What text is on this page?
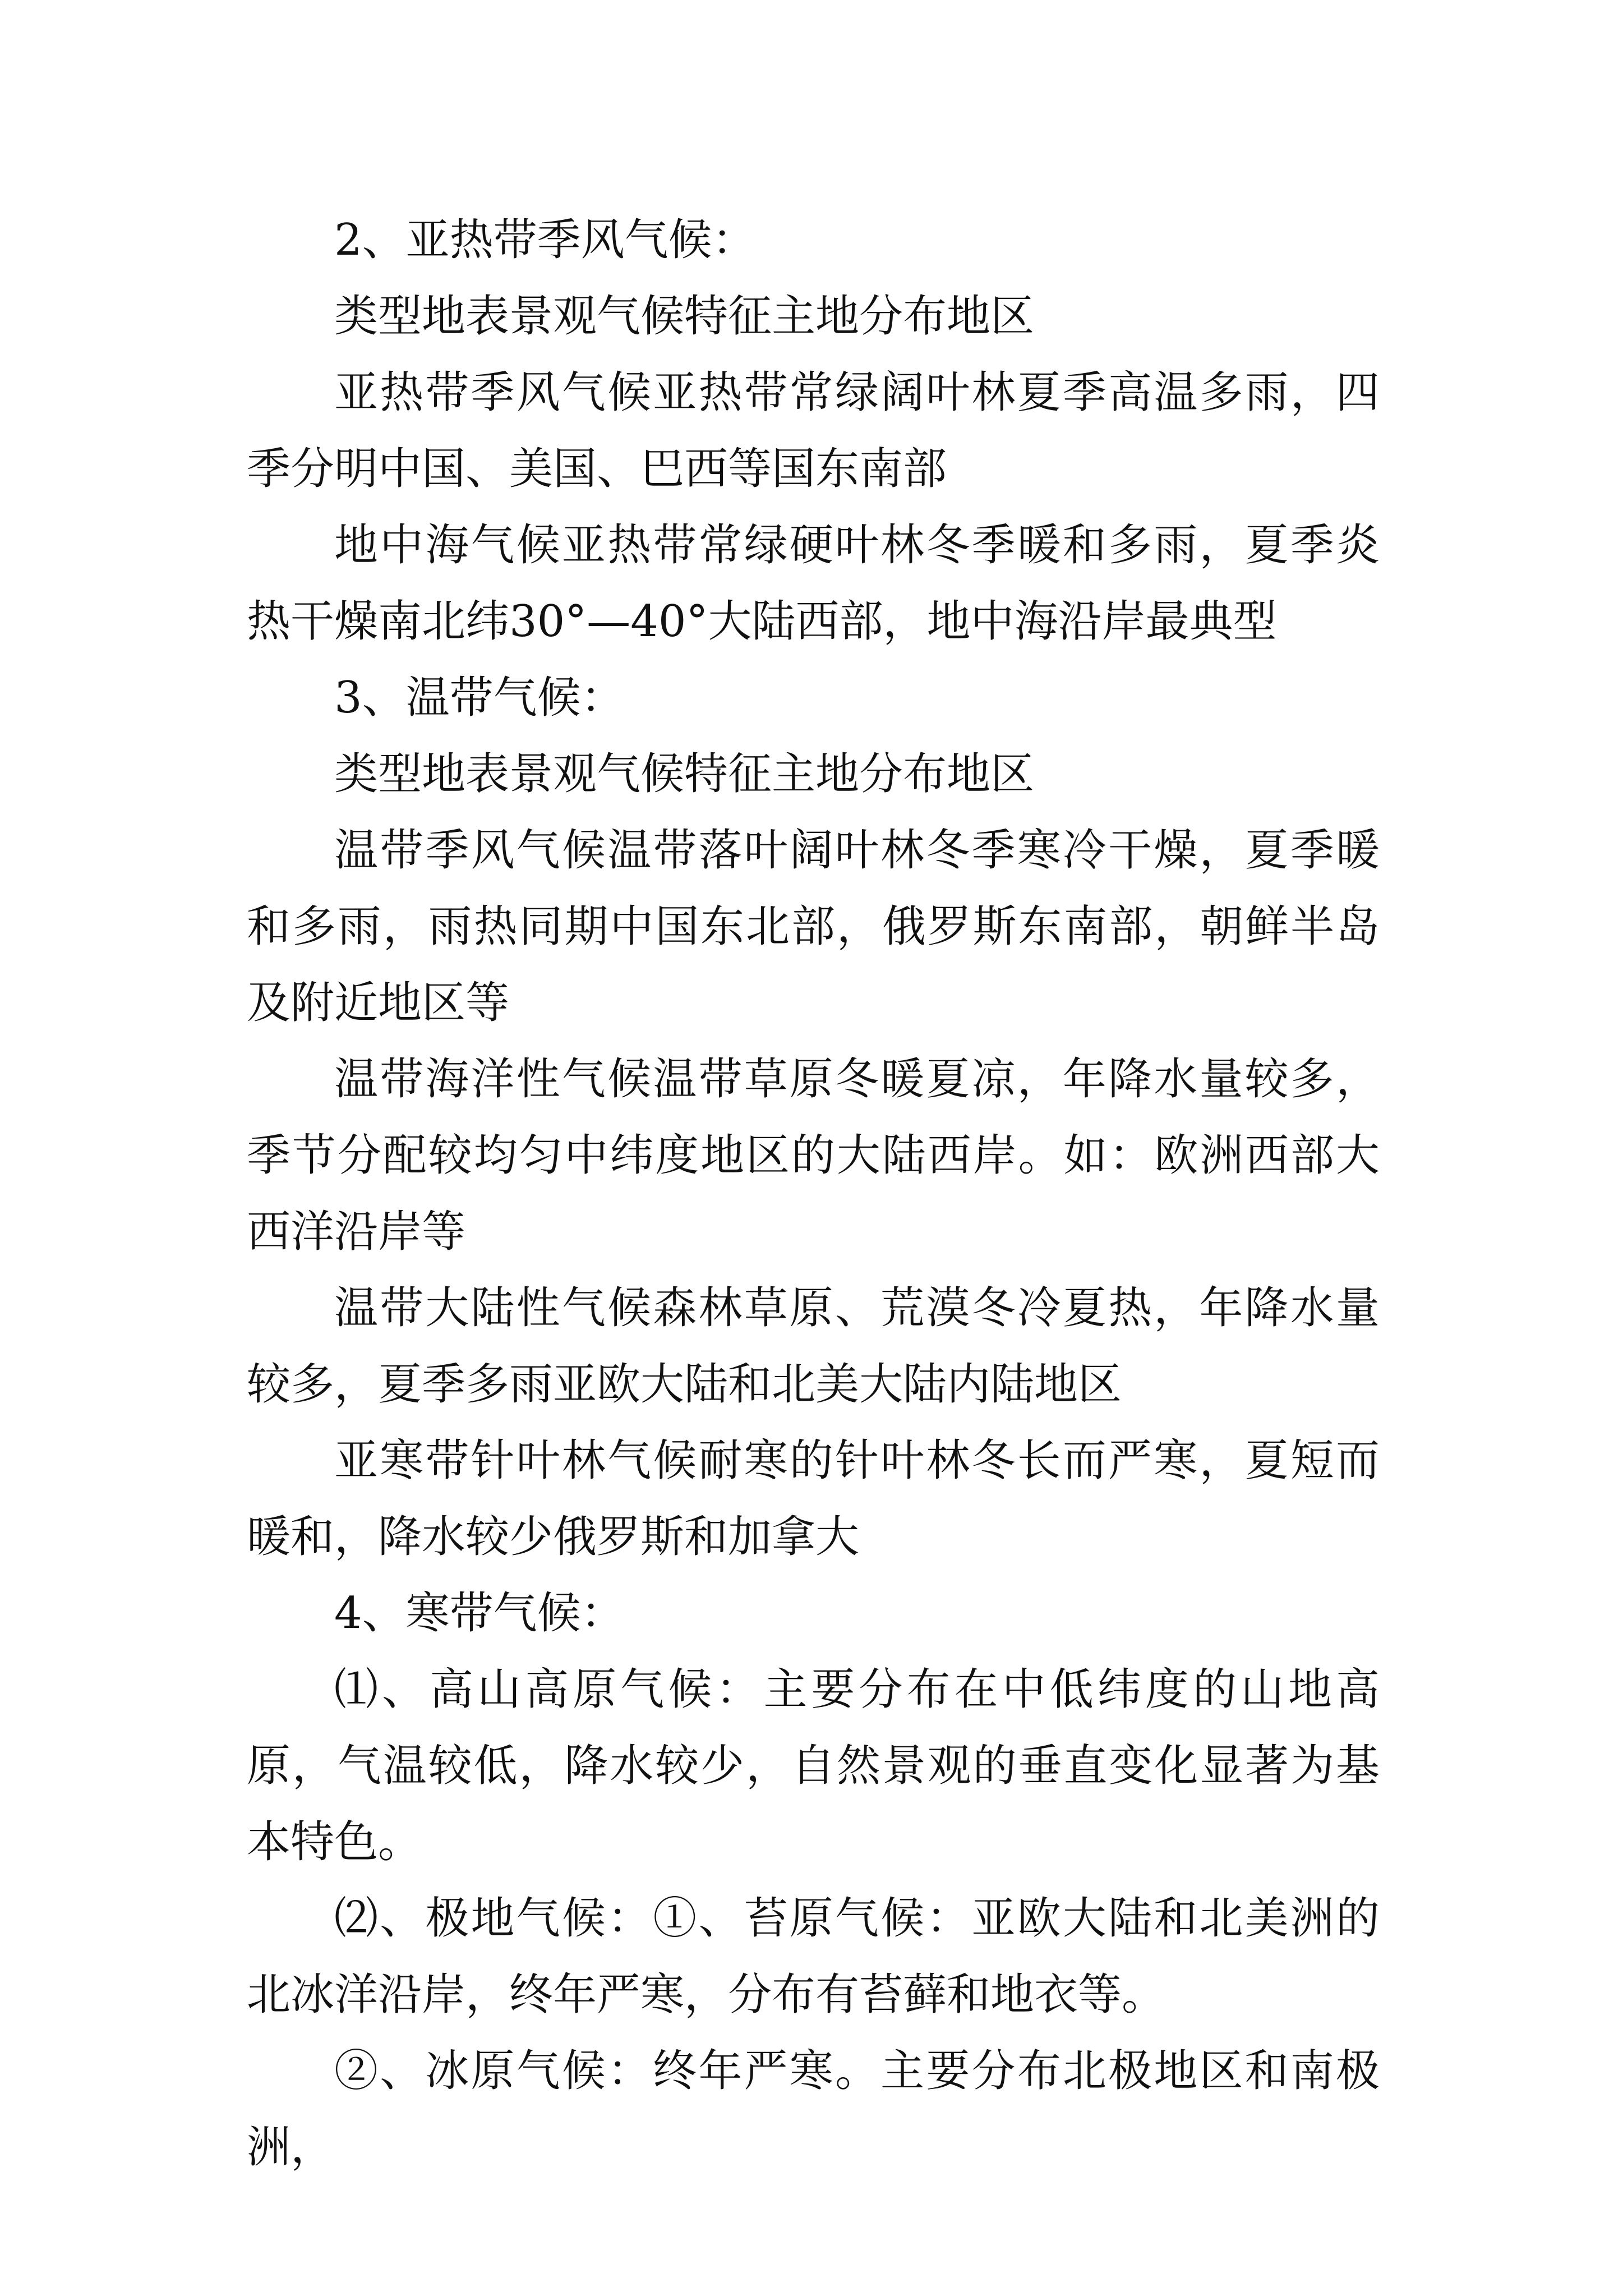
2、亚热带季风气候：

类型地表景观气候特征主地分布地区

亚热带季风气候亚热带常绿阔叶林夏季高温多雨，四季分明中国、美国、巴西等国东南部

地中海气候亚热带常绿硬叶林冬季暖和多雨，夏季炎热干燥南北纬30°—40°大陆西部，地中海沿岸最典型

3、温带气候：

类型地表景观气候特征主地分布地区

温带季风气候温带落叶阔叶林冬季寒冷干燥，夏季暖和多雨，雨热同期中国东北部，俄罗斯东南部，朝鲜半岛及附近地区等

温带海洋性气候温带草原冬暖夏凉，年降水量较多，季节分配较均匀中纬度地区的大陆西岸。如：欧洲西部大西洋沿岸等

温带大陆性气候森林草原、荒漠冬冷夏热，年降水量较多，夏季多雨亚欧大陆和北美大陆内陆地区

亚寒带针叶林气候耐寒的针叶林冬长而严寒，夏短而暖和，降水较少俄罗斯和加拿大

4、寒带气候：

⑴、高山高原气候：主要分布在中低纬度的山地高原，气温较低，降水较少，自然景观的垂直变化显著为基本特色。

⑵、极地气候：①、苔原气候：亚欧大陆和北美洲的北冰洋沿岸，终年严寒，分布有苔藓和地衣等。

②、冰原气候：终年严寒。主要分布北极地区和南极洲，
